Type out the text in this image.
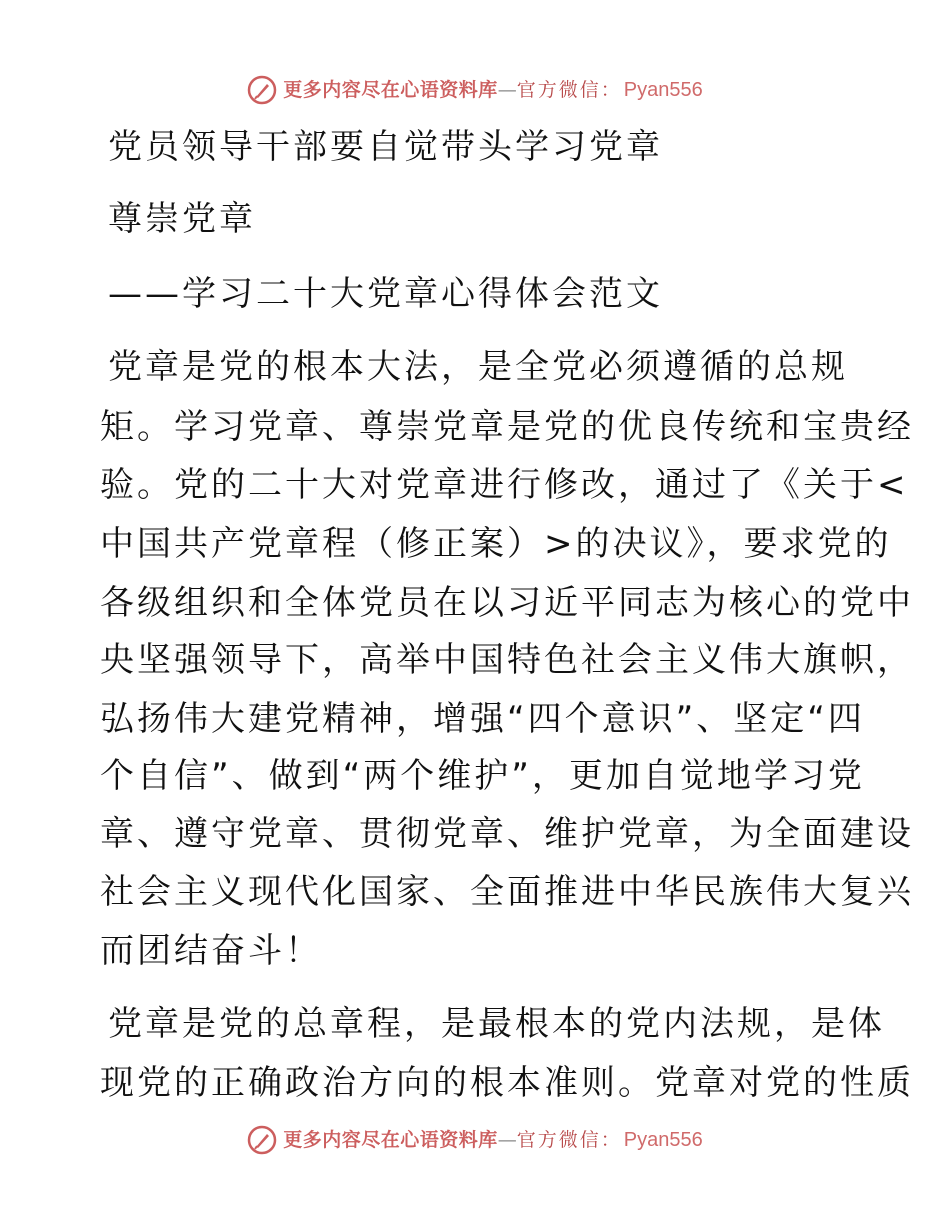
更多内容尽在心语资料库 — 官方微信： Pyan556
党员领导干部要自觉带头学习党章
尊崇党章
——学习二十大党章心得体会范文
党章是党的根本大法，是全党必须遵循的总规
矩。学习党章、尊崇党章是党的优良传统和宝贵经
验。党的二十大对党章进行修改，通过了《关于<
中国共产党章程（修正案）>的决议》，要求党的
各级组织和全体党员在以习近平同志为核心的党中
央坚强领导下，高举中国特色社会主义伟大旗帜，
弘扬伟大建党精神，增强“四个意识”、坚定“四
个自信”、做到“两个维护”，更加自觉地学习党
章、遵守党章、贯彻党章、维护党章，为全面建设
社会主义现代化国家、全面推进中华民族伟大复兴
而团结奋斗！
党章是党的总章程，是最根本的党内法规，是体
现党的正确政治方向的根本准则。党章对党的性质
更多内容尽在心语资料库 — 官方微信： Pyan556
